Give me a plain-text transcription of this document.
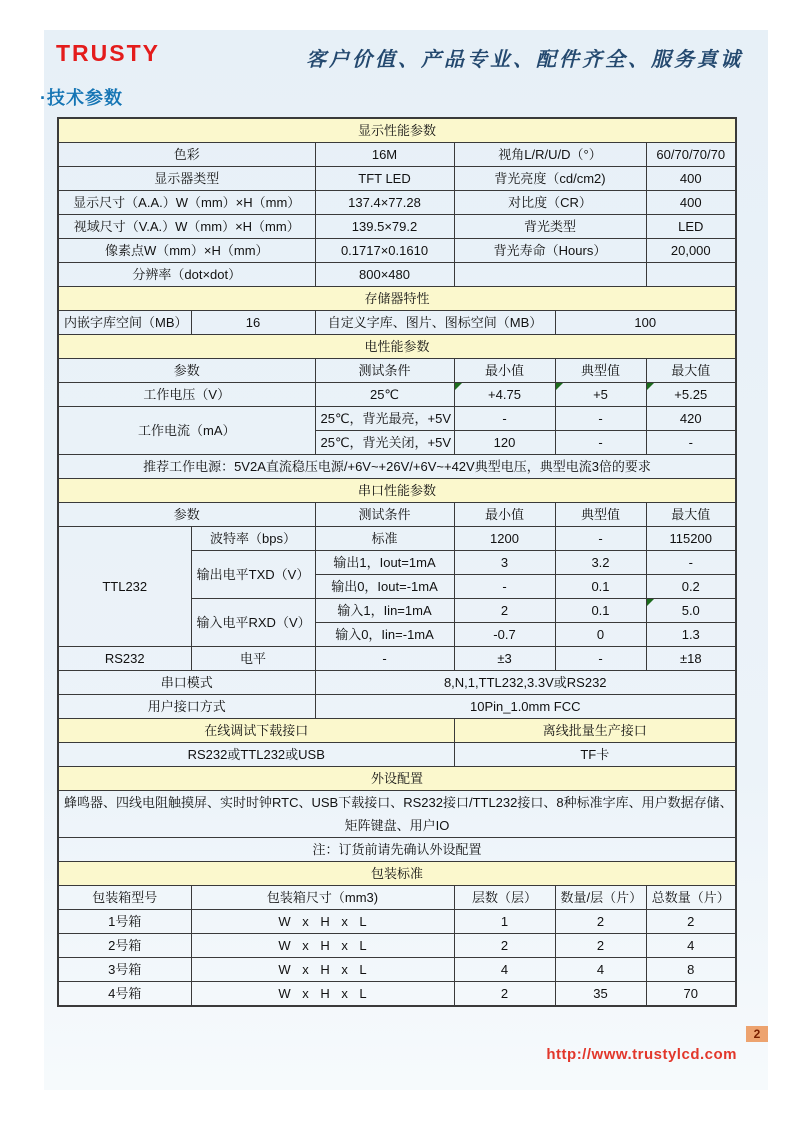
TRUSTY	客户价值、产品专业、配件齐全、服务真诚
·技术参数
显示性能参数					
色彩		16M	视角L/R/U/D（°）		60/70/70/70
显示器类型		TFT LED	背光亮度（cd/cm2)		400
显示尺寸（A.A.）W（mm）×H（mm）		137.4×77.28	对比度（CR）		400
视域尺寸（V.A.）W（mm）×H（mm）		139.5×79.2	背光类型		LED
像素点W（mm）×H（mm）		0.1717×0.1610	背光寿命（Hours）		20,000
分辨率（dot×dot）		800×480			
存储器特性					
内嵌字库空间（MB）	16	自定义字库、图片、图标空间（MB）		100	
电性能参数					
参数		测试条件	最小值	典型值	最大值
工作电压（V）		25℃	+4.75	+5	+5.25
工作电流（mA）		25℃，背光最亮，+5V	-	-	420
		25℃，背光关闭，+5V	120	-	-
推荐工作电源：5V2A直流稳压电源/+6V~+26V/+6V~+42V典型电压，典型电流3倍的要求					
串口性能参数					
参数		测试条件	最小值	典型值	最大值
TTL232	波特率（bps）	标准	1200	-	115200
	输出电平TXD（V）	输出1，Iout=1mA	3	3.2	-
		输出0，Iout=-1mA	-	0.1	0.2
	输入电平RXD（V）	输入1，Iin=1mA	2	0.1	5.0
		输入0，Iin=-1mA	-0.7	0	1.3
RS232	电平	-	±3	-	±18
串口模式		8,N,1,TTL232,3.3V或RS232			
用户接口方式		10Pin_1.0mm FCC			
在线调试下载接口			离线批量生产接口		
RS232或TTL232或USB			TF卡		
外设配置					

蜂鸣器、四线电阻触摸屏、实时时钟RTC、USB下载接口、RS232接口/TTL232接口、8种标准字库、用户数据存储、
矩阵键盘、用户IO					

注：订货前请先确认外设配置					
包装标准					
包装箱型号	包装箱尺寸（mm3)		层数（层）	数量/层（片）	总数量（片）
1号箱	W x H x L		1	2	2
2号箱	W x H x L		2	2	4
3号箱	W x H x L		4	4	8
4号箱	W x H x L		2	35	70
2
http://www.trustylcd.com
